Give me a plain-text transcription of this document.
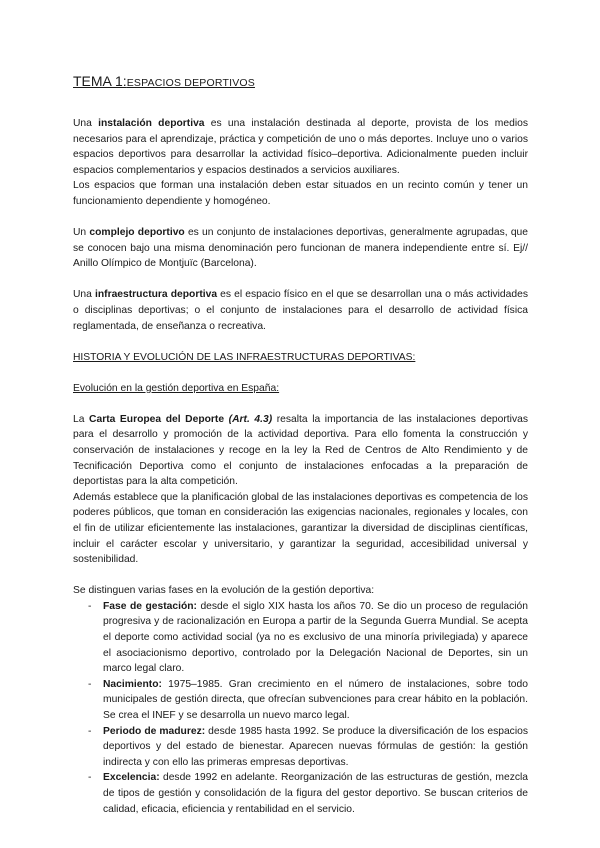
TEMA 1:ESPACIOS DEPORTIVOS

Una instalación deportiva es una instalación destinada al deporte, provista de los medios necesarios para el aprendizaje, práctica y competición de uno o más deportes. Incluye uno o varios espacios deportivos para desarrollar la actividad físico–deportiva. Adicionalmente pueden incluir espacios complementarios y espacios destinados a servicios auxiliares.

Los espacios que forman una instalación deben estar situados en un recinto común y tener un funcionamiento dependiente y homogéneo.

Un complejo deportivo es un conjunto de instalaciones deportivas, generalmente agrupadas, que se conocen bajo una misma denominación pero funcionan de manera independiente entre sí. Ej// Anillo Olímpico de Montjuïc (Barcelona).

Una infraestructura deportiva es el espacio físico en el que se desarrollan una o más actividades o disciplinas deportivas; o el conjunto de instalaciones para el desarrollo de actividad física reglamentada, de enseñanza o recreativa.

HISTORIA Y EVOLUCIÓN DE LAS INFRAESTRUCTURAS DEPORTIVAS:
Evolución en la gestión deportiva en España:

La Carta Europea del Deporte (Art. 4.3) resalta la importancia de las instalaciones deportivas para el desarrollo y promoción de la actividad deportiva. Para ello fomenta la construcción y conservación de instalaciones y recoge en la ley la Red de Centros de Alto Rendimiento y de Tecnificación Deportiva como el conjunto de instalaciones enfocadas a la preparación de deportistas para la alta competición.

Además establece que la planificación global de las instalaciones deportivas es competencia de los poderes públicos, que toman en consideración las exigencias nacionales, regionales y locales, con el fin de utilizar eficientemente las instalaciones, garantizar la diversidad de disciplinas científicas, incluir el carácter escolar y universitario, y garantizar la seguridad, accesibilidad universal y sostenibilidad.

Se distinguen varias fases en la evolución de la gestión deportiva:

- Fase de gestación: desde el siglo XIX hasta los años 70. Se dio un proceso de regulación progresiva y de racionalización en Europa a partir de la Segunda Guerra Mundial. Se acepta el deporte como actividad social (ya no es exclusivo de una minoría privilegiada) y aparece el asociacionismo deportivo, controlado por la Delegación Nacional de Deportes, sin un marco legal claro.
- Nacimiento: 1975–1985. Gran crecimiento en el número de instalaciones, sobre todo municipales de gestión directa, que ofrecían subvenciones para crear hábito en la población. Se crea el INEF y se desarrolla un nuevo marco legal.
- Periodo de madurez: desde 1985 hasta 1992. Se produce la diversificación de los espacios deportivos y del estado de bienestar. Aparecen nuevas fórmulas de gestión: la gestión indirecta y con ello las primeras empresas deportivas.
- Excelencia: desde 1992 en adelante. Reorganización de las estructuras de gestión, mezcla de tipos de gestión y consolidación de la figura del gestor deportivo. Se buscan criterios de calidad, eficacia, eficiencia y rentabilidad en el servicio.
